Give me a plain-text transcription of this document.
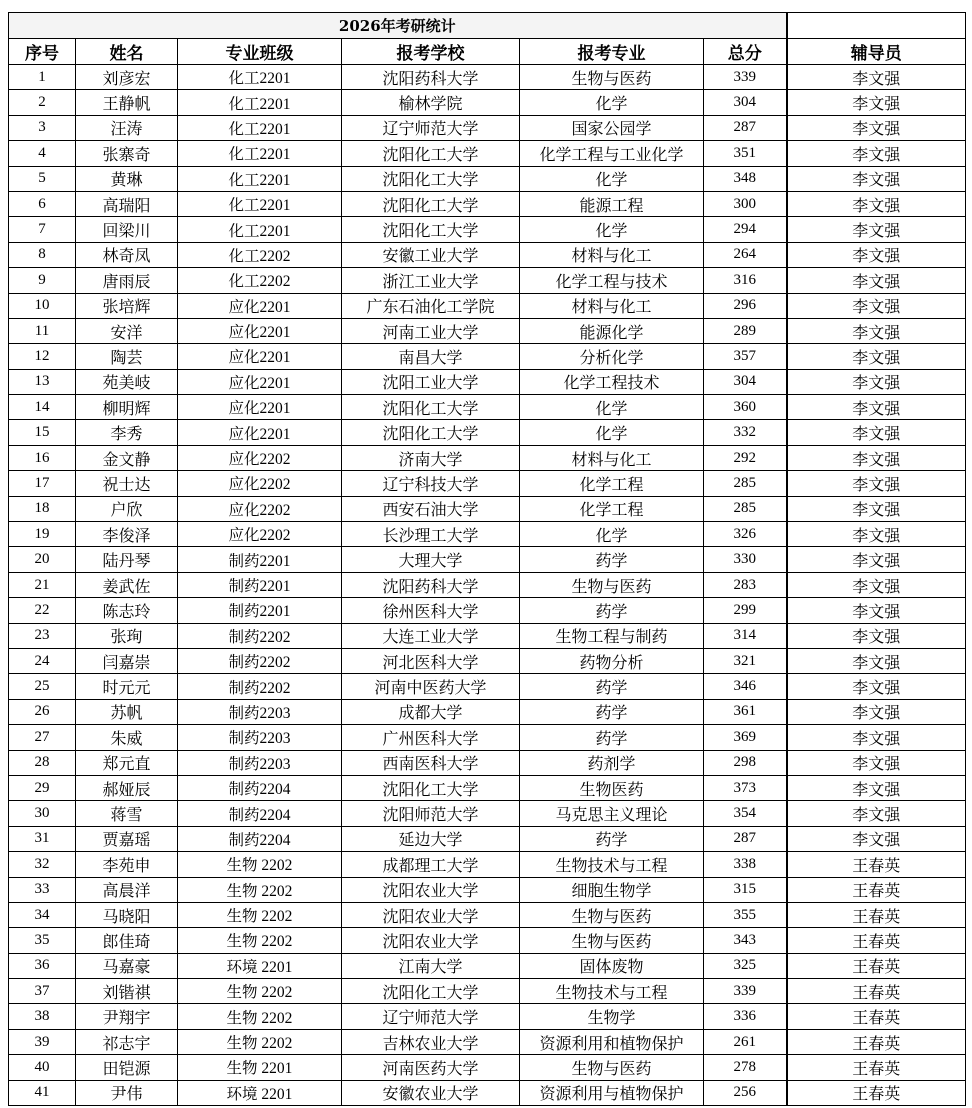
2026年考研统计						
序号	姓名	专业班级	报考学校	报考专业	总分	辅导员
1	刘彦宏	化工2201	沈阳药科大学	生物与医药	339	李文强
2	王静帆	化工2201	榆林学院	化学	304	李文强
3	汪涛	化工2201	辽宁师范大学	国家公园学	287	李文强
4	张寨奇	化工2201	沈阳化工大学	化学工程与工业化学	351	李文强
5	黄琳	化工2201	沈阳化工大学	化学	348	李文强
6	高瑞阳	化工2201	沈阳化工大学	能源工程	300	李文强
7	回梁川	化工2201	沈阳化工大学	化学	294	李文强
8	林奇凤	化工2202	安徽工业大学	材料与化工	264	李文强
9	唐雨辰	化工2202	浙江工业大学	化学工程与技术	316	李文强
10	张培辉	应化2201	广东石油化工学院	材料与化工	296	李文强
11	安洋	应化2201	河南工业大学	能源化学	289	李文强
12	陶芸	应化2201	南昌大学	分析化学	357	李文强
13	苑美岐	应化2201	沈阳工业大学	化学工程技术	304	李文强
14	柳明辉	应化2201	沈阳化工大学	化学	360	李文强
15	李秀	应化2201	沈阳化工大学	化学	332	李文强
16	金文静	应化2202	济南大学	材料与化工	292	李文强
17	祝士达	应化2202	辽宁科技大学	化学工程	285	李文强
18	户欣	应化2202	西安石油大学	化学工程	285	李文强
19	李俊泽	应化2202	长沙理工大学	化学	326	李文强
20	陆丹琴	制药2201	大理大学	药学	330	李文强
21	姜武佐	制药2201	沈阳药科大学	生物与医药	283	李文强
22	陈志玲	制药2201	徐州医科大学	药学	299	李文强
23	张珣	制药2202	大连工业大学	生物工程与制药	314	李文强
24	闫嘉崇	制药2202	河北医科大学	药物分析	321	李文强
25	时元元	制药2202	河南中医药大学	药学	346	李文强
26	苏帆	制药2203	成都大学	药学	361	李文强
27	朱威	制药2203	广州医科大学	药学	369	李文强
28	郑元直	制药2203	西南医科大学	药剂学	298	李文强
29	郝娅辰	制药2204	沈阳化工大学	生物医药	373	李文强
30	蒋雪	制药2204	沈阳师范大学	马克思主义理论	354	李文强
31	贾嘉瑶	制药2204	延边大学	药学	287	李文强
32	李苑申	生物 2202	成都理工大学	生物技术与工程	338	王春英
33	高晨洋	生物 2202	沈阳农业大学	细胞生物学	315	王春英
34	马晓阳	生物 2202	沈阳农业大学	生物与医药	355	王春英
35	郎佳琦	生物 2202	沈阳农业大学	生物与医药	343	王春英
36	马嘉豪	环境 2201	江南大学	固体废物	325	王春英
37	刘锴祺	生物 2202	沈阳化工大学	生物技术与工程	339	王春英
38	尹翔宇	生物 2202	辽宁师范大学	生物学	336	王春英
39	祁志宇	生物 2202	吉林农业大学	资源利用和植物保护	261	王春英
40	田铠源	生物 2201	河南医药大学	生物与医药	278	王春英
41	尹伟	环境 2201	安徽农业大学	资源利用与植物保护	256	王春英
